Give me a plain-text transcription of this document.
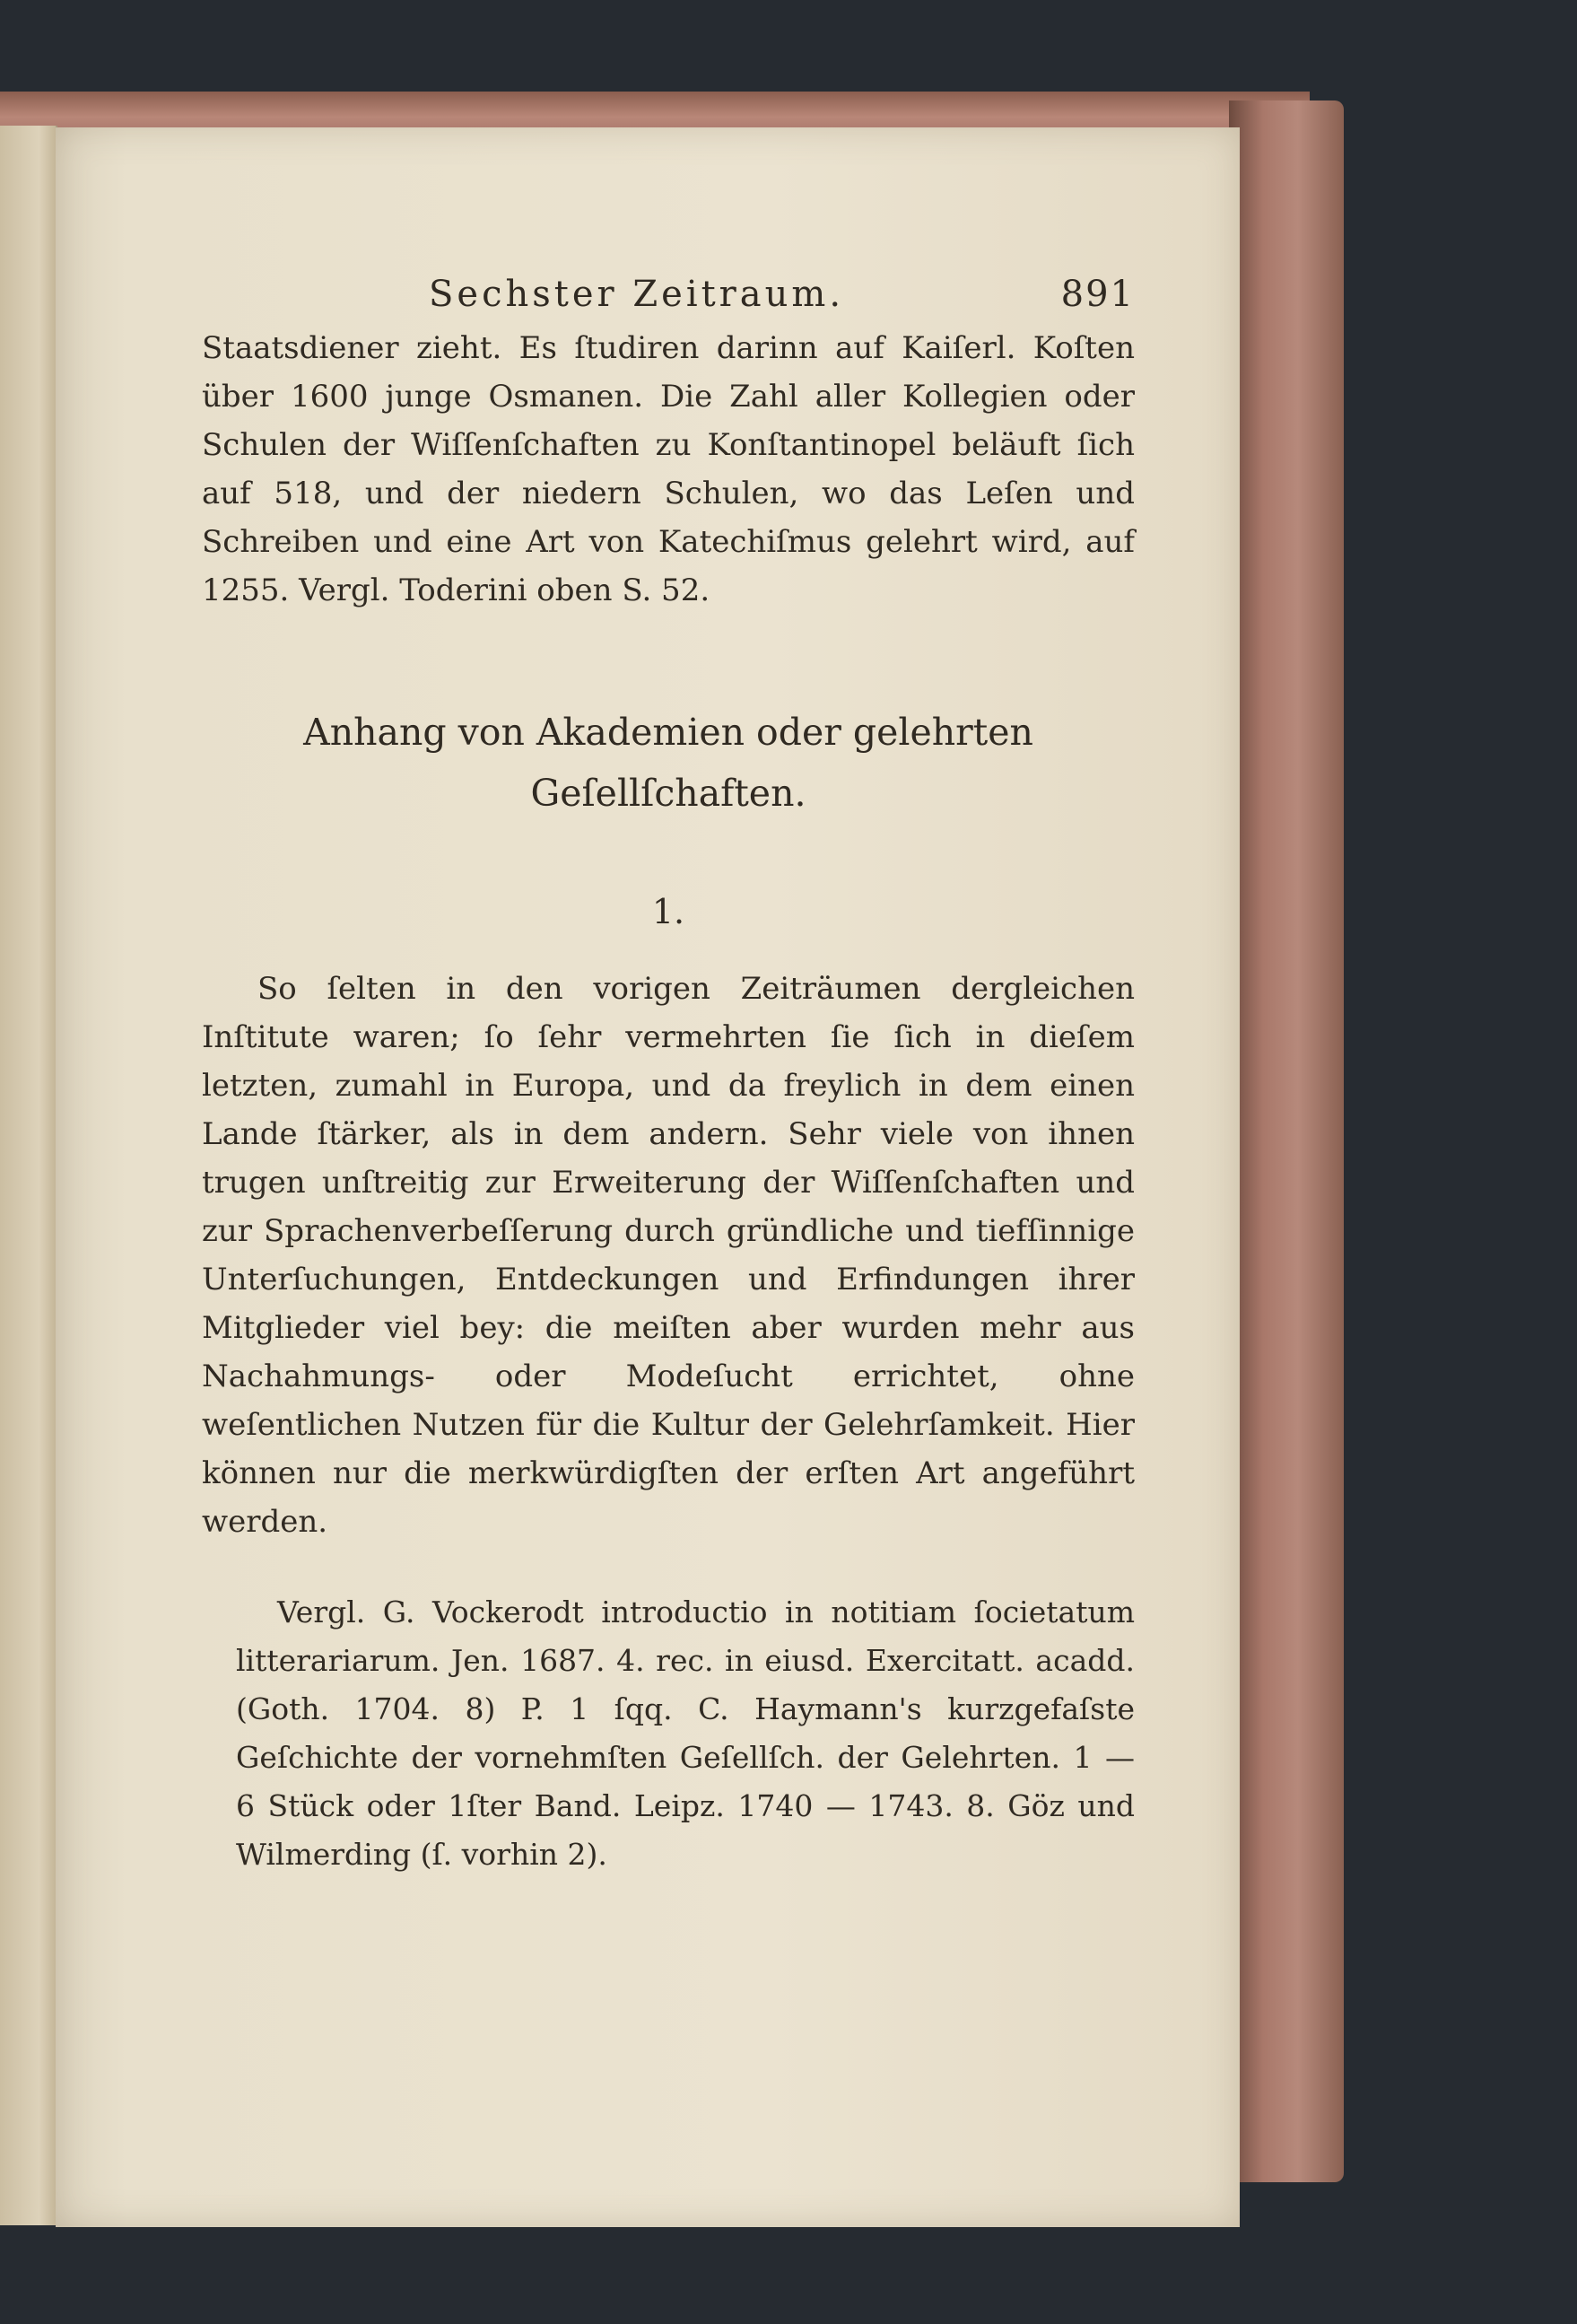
Sechster Zeitraum.	891

Staatsdiener zieht. Es ſtudiren darinn auf Kaiſerl. Koſten über 1600 junge Osmanen. Die Zahl aller Kollegien oder Schulen der Wiſſenſchaften zu Konſtantinopel beläuft ſich auf 518, und der niedern Schulen, wo das Leſen und Schreiben und eine Art von Katechiſmus gelehrt wird, auf 1255. Vergl. Toderini oben S. 52.

Anhang von Akademien oder gelehrten Geſellſchaften.
1.

So ſelten in den vorigen Zeiträumen dergleichen Inſtitute waren; ſo ſehr vermehrten ſie ſich in dieſem letzten, zumahl in Europa, und da freylich in dem einen Lande ſtärker, als in dem andern. Sehr viele von ihnen trugen unſtreitig zur Erweiterung der Wiſſenſchaften und zur Sprachenverbeſſerung durch gründliche und tiefſinnige Unterſuchungen, Entdeckungen und Erfindungen ihrer Mitglieder viel bey: die meiſten aber wurden mehr aus Nachahmungs- oder Modeſucht errichtet, ohne weſentlichen Nutzen für die Kultur der Gelehrſamkeit. Hier können nur die merkwürdigſten der erſten Art angeführt werden.

Vergl. G. Vockerodt introductio in notitiam ſocietatum litterariarum. Jen. 1687. 4. rec. in eiusd. Exercitatt. acadd. (Goth. 1704. 8) P. 1 ſqq. C. Haymann's kurzgefaſste Geſchichte der vornehmſten Geſellſch. der Gelehrten. 1 — 6 Stück oder 1ſter Band. Leipz. 1740 — 1743. 8. Göz und Wilmerding (ſ. vorhin 2).
